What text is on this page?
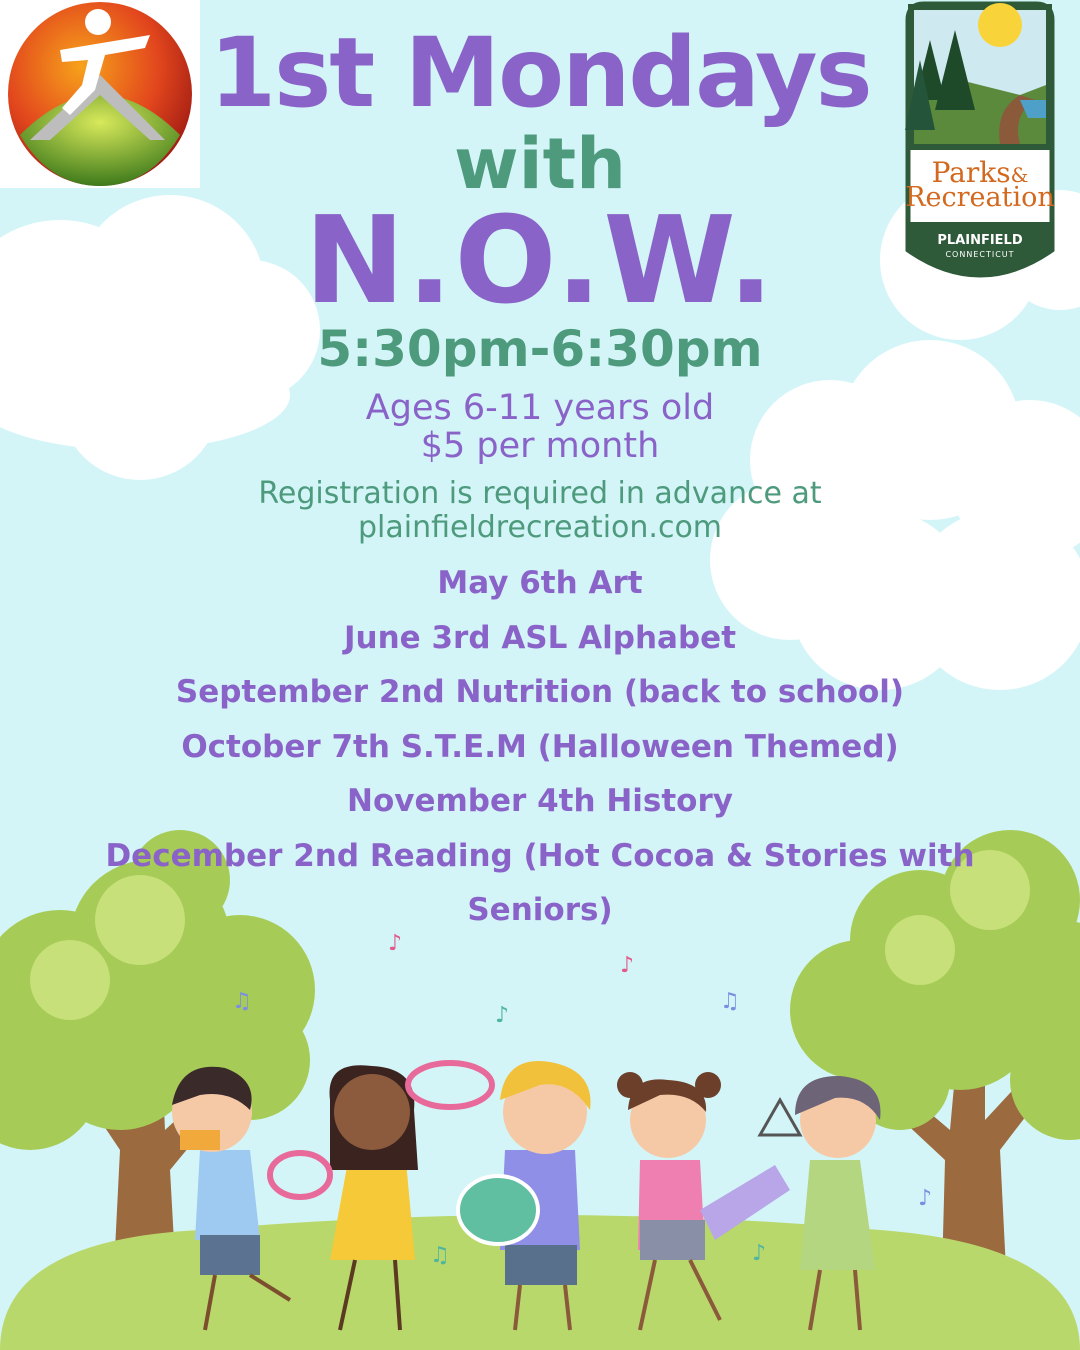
♪
♪
♪
♫
♫
♫	♪
♪
Parks&
Recreation
PLAINFIELD
CONNECTICUT
1st Mondays
with
N.O.W.
5:30pm-6:30pm
Ages 6-11 years old
$5 per month
Registration is required in advance at
plainfieldrecreation.com
May 6th Art
June 3rd ASL Alphabet
September 2nd Nutrition (back to school)
October 7th S.T.E.M (Halloween Themed)
November 4th History
December 2nd Reading (Hot Cocoa & Stories with
Seniors)
